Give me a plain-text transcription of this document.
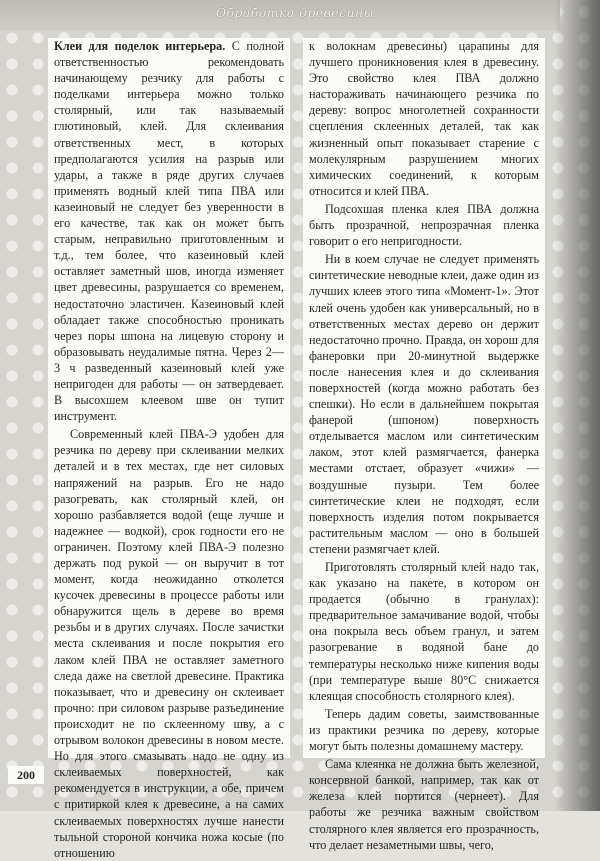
Обработка древесины

Клеи для поделок интерьера. С полной ответственностью рекомендовать начинающему резчику для работы с поделками интерьера можно только столярный, или так называемый глютиновый, клей. Для склеивания ответственных мест, в которых предполагаются усилия на разрыв или удары, а также в ряде других случаев применять водный клей типа ПВА или казеиновый не следует без уверенности в его качестве, так как он может быть старым, неправильно приготовленным и т.д., тем более, что казеиновый клей оставляет заметный шов, иногда изменяет цвет древесины, разрушается со временем, недостаточно эластичен. Казеиновый клей обладает также способностью проникать через поры шпона на лицевую сторону и образовывать неудалимые пятна. Через 2—3 ч разведенный казеиновый клей уже непригоден для работы — он затвердевает. В высохшем клеевом шве он тупит инструмент.

Современный клей ПВА-Э удобен для резчика по дереву при склеивании мелких деталей и в тех местах, где нет силовых напряжений на разрыв. Его не надо разогревать, как столярный клей, он хорошо разбавляется водой (еще лучше и надежнее — водкой), срок годности его не ограничен. Поэтому клей ПВА-Э полезно держать под рукой — он выручит в тот момент, когда неожиданно отколется кусочек древесины в процессе работы или обнаружится щель в дереве во время резьбы и в других случаях. После зачистки места склеивания и после покрытия его лаком клей ПВА не оставляет заметного следа даже на светлой древесине. Практика показывает, что и древесину он склеивает прочно: при силовом разрыве разъединение происходит не по склеенному шву, а с отрывом волокон древесины в новом месте. Но для этого смазывать надо не одну из склеиваемых поверхностей, как рекомендуется в инструкции, а обе, причем с притиркой клея к древесине, а на самих склеиваемых поверхностях лучше нанести тыльной стороной кончика ножа косые (по отношению

к волокнам древесины) царапины для лучшего проникновения клея в древесину. Это свойство клея ПВА должно настораживать начинающего резчика по дереву: вопрос многолетней сохранности сцепления склеенных деталей, так как жизненный опыт показывает старение с молекулярным разрушением многих химических соединений, к которым относится и клей ПВА.

Подсохшая пленка клея ПВА должна быть прозрачной, непрозрачная пленка говорит о его непригодности.

Ни в коем случае не следует применять синтетические неводные клеи, даже один из лучших клеев этого типа «Момент-1». Этот клей очень удобен как универсальный, но в ответственных местах дерево он держит недостаточно прочно. Правда, он хорош для фанеровки при 20-минутной выдержке после нанесения клея и до склеивания поверхностей (когда можно работать без спешки). Но если в дальнейшем покрытая фанерой (шпоном) поверхность отделывается маслом или синтетическим лаком, этот клей размягчается, фанерка местами отстает, образует «чижи» — воздушные пузыри. Тем более синтетические клеи не подходят, если поверхность изделия потом покрывается растительным маслом — оно в большей степени размягчает клей.

Приготовлять столярный клей надо так, как указано на пакете, в котором он продается (обычно в гранулах): предварительное замачивание водой, чтобы она покрыла весь объем гранул, и затем разогревание в водяной бане до температуры несколько ниже кипения воды (при температуре выше 80°С снижается клеящая способность столярного клея).

Теперь дадим советы, заимствованные из практики резчика по дереву, которые могут быть полезны домашнему мастеру.

Сама клеянка не должна быть железной, консервной банкой, например, так как от железа клей портится (чернеет). Для работы же резчика важным свойством столярного клея является его прозрачность, что делает незаметными швы, чего,

200
